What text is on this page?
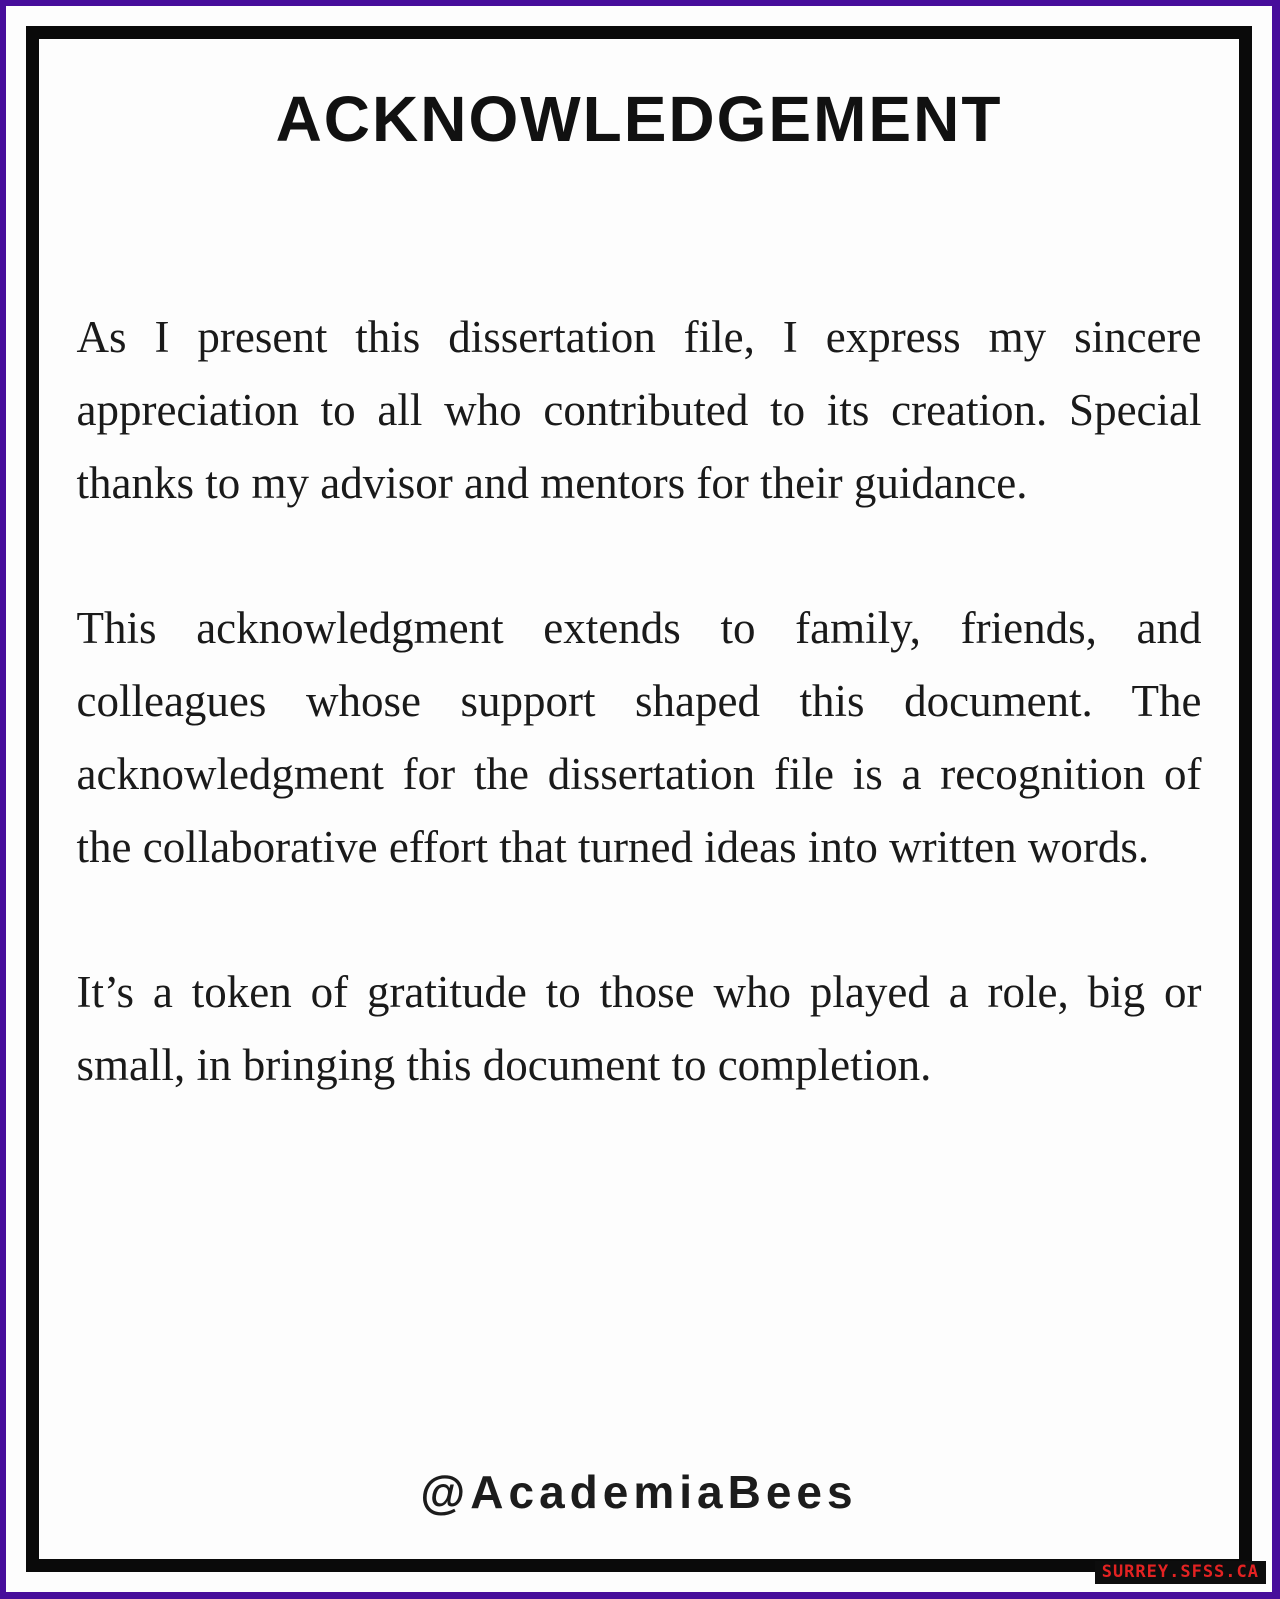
ACKNOWLEDGEMENT

As I present this dissertation file, I express my sincere appreciation to all who contributed to its creation. Special thanks to my advisor and mentors for their guidance.

This acknowledgment extends to family, friends, and colleagues whose support shaped this document. The acknowledgment for the dissertation file is a recognition of the collaborative effort that turned ideas into written words.

It’s a token of gratitude to those who played a role, big or small, in bringing this document to completion.

@AcademiaBees
SURREY.SFSS.CA
